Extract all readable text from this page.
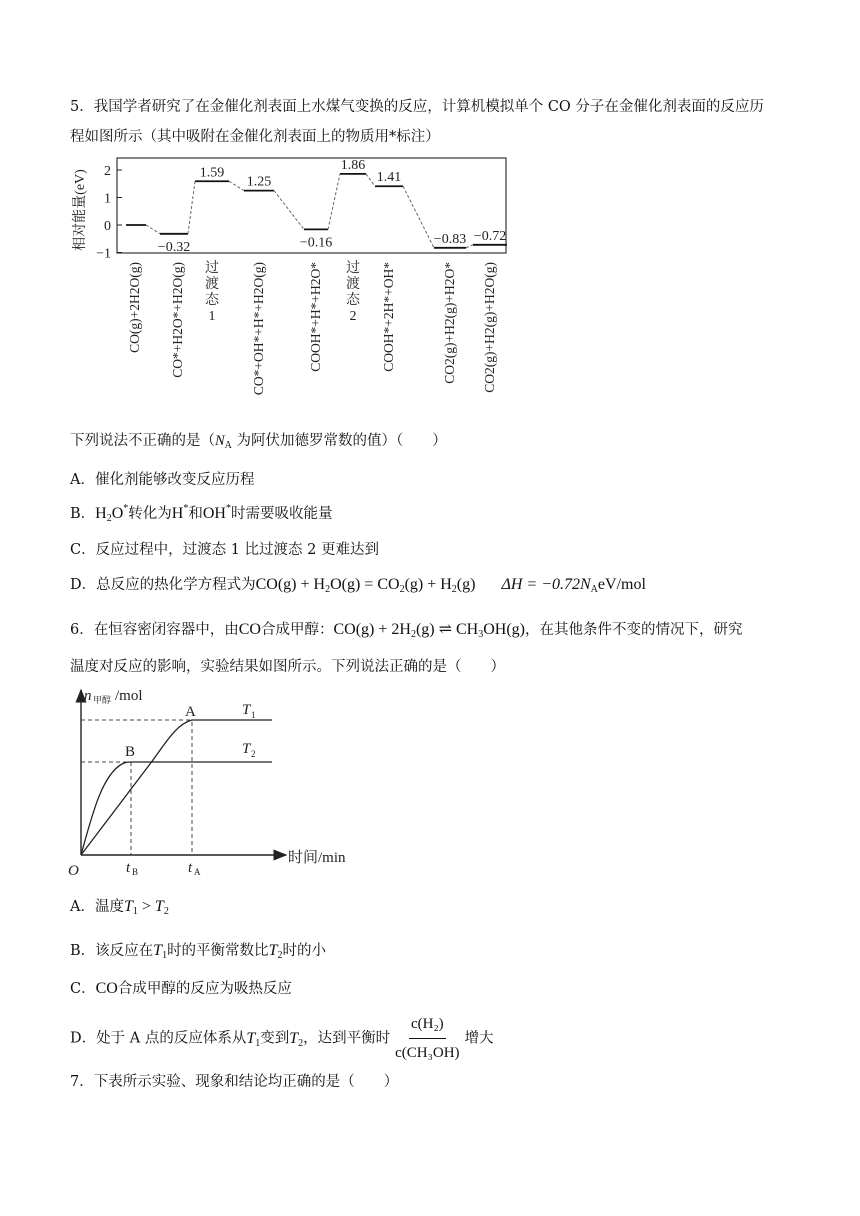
5．我国学者研究了在金催化剂表面上水煤气变换的反应，计算机模拟单个 CO 分子在金催化剂表面的反应历
程如图所示（其中吸附在金催化剂表面上的物质用*标注）
2
1
0
−1
相对能量(eV)	−0.32
1.59
1.25
−0.16
1.86
1.41
−0.83 −0.72
CO(g)+2H2O(g) CO*+H2O*+H2O(g)	CO*+OH*+H*+H2O(g)	COOH*+H*+H2O*	COOH*+2H*+OH*	CO2(g)+H2(g)+H2O* CO2(g)+H2(g)+H2O(g)
过
渡
态
1
过
渡
态
2
下列说法不正确的是（$N_A$ 为阿伏加德罗常数的值）（　　）
A．催化剂能够改变反应历程
B．$H_2O^*$转化为H*和OH*时需要吸收能量
C．反应过程中，过渡态 1 比过渡态 2 更难达到
D．总反应的热化学方程式为$CO(g) + H_2O(g) = CO_2(g) + H_2(g) \Delta H = -0.72N_AeV/mol$
6．在恒容密闭容器中，由CO合成甲醇：$CO(g) + 2H_2(g)$ ⇌ $CH_3OH(g)$，在其他条件不变的情况下，研究
温度对反应的影响，实验结果如图所示。下列说法正确的是（　　）
n 甲醇 /mol
时间/min
O
A
B
T 1
T 2
t B	t A
A．温度$T_1 > T_2$
B．该反应在$T_1$时的平衡常数比$T_2$时的小
C．CO合成甲醇的反应为吸热反应
D．处于 A 点的反应体系从$T_1$变到$T_2$，达到平衡时 $\frac{\text{c(H₂)}}{\text{c(CH₃OH)}}$ 增大
7．下表所示实验、现象和结论均正确的是（　　）
